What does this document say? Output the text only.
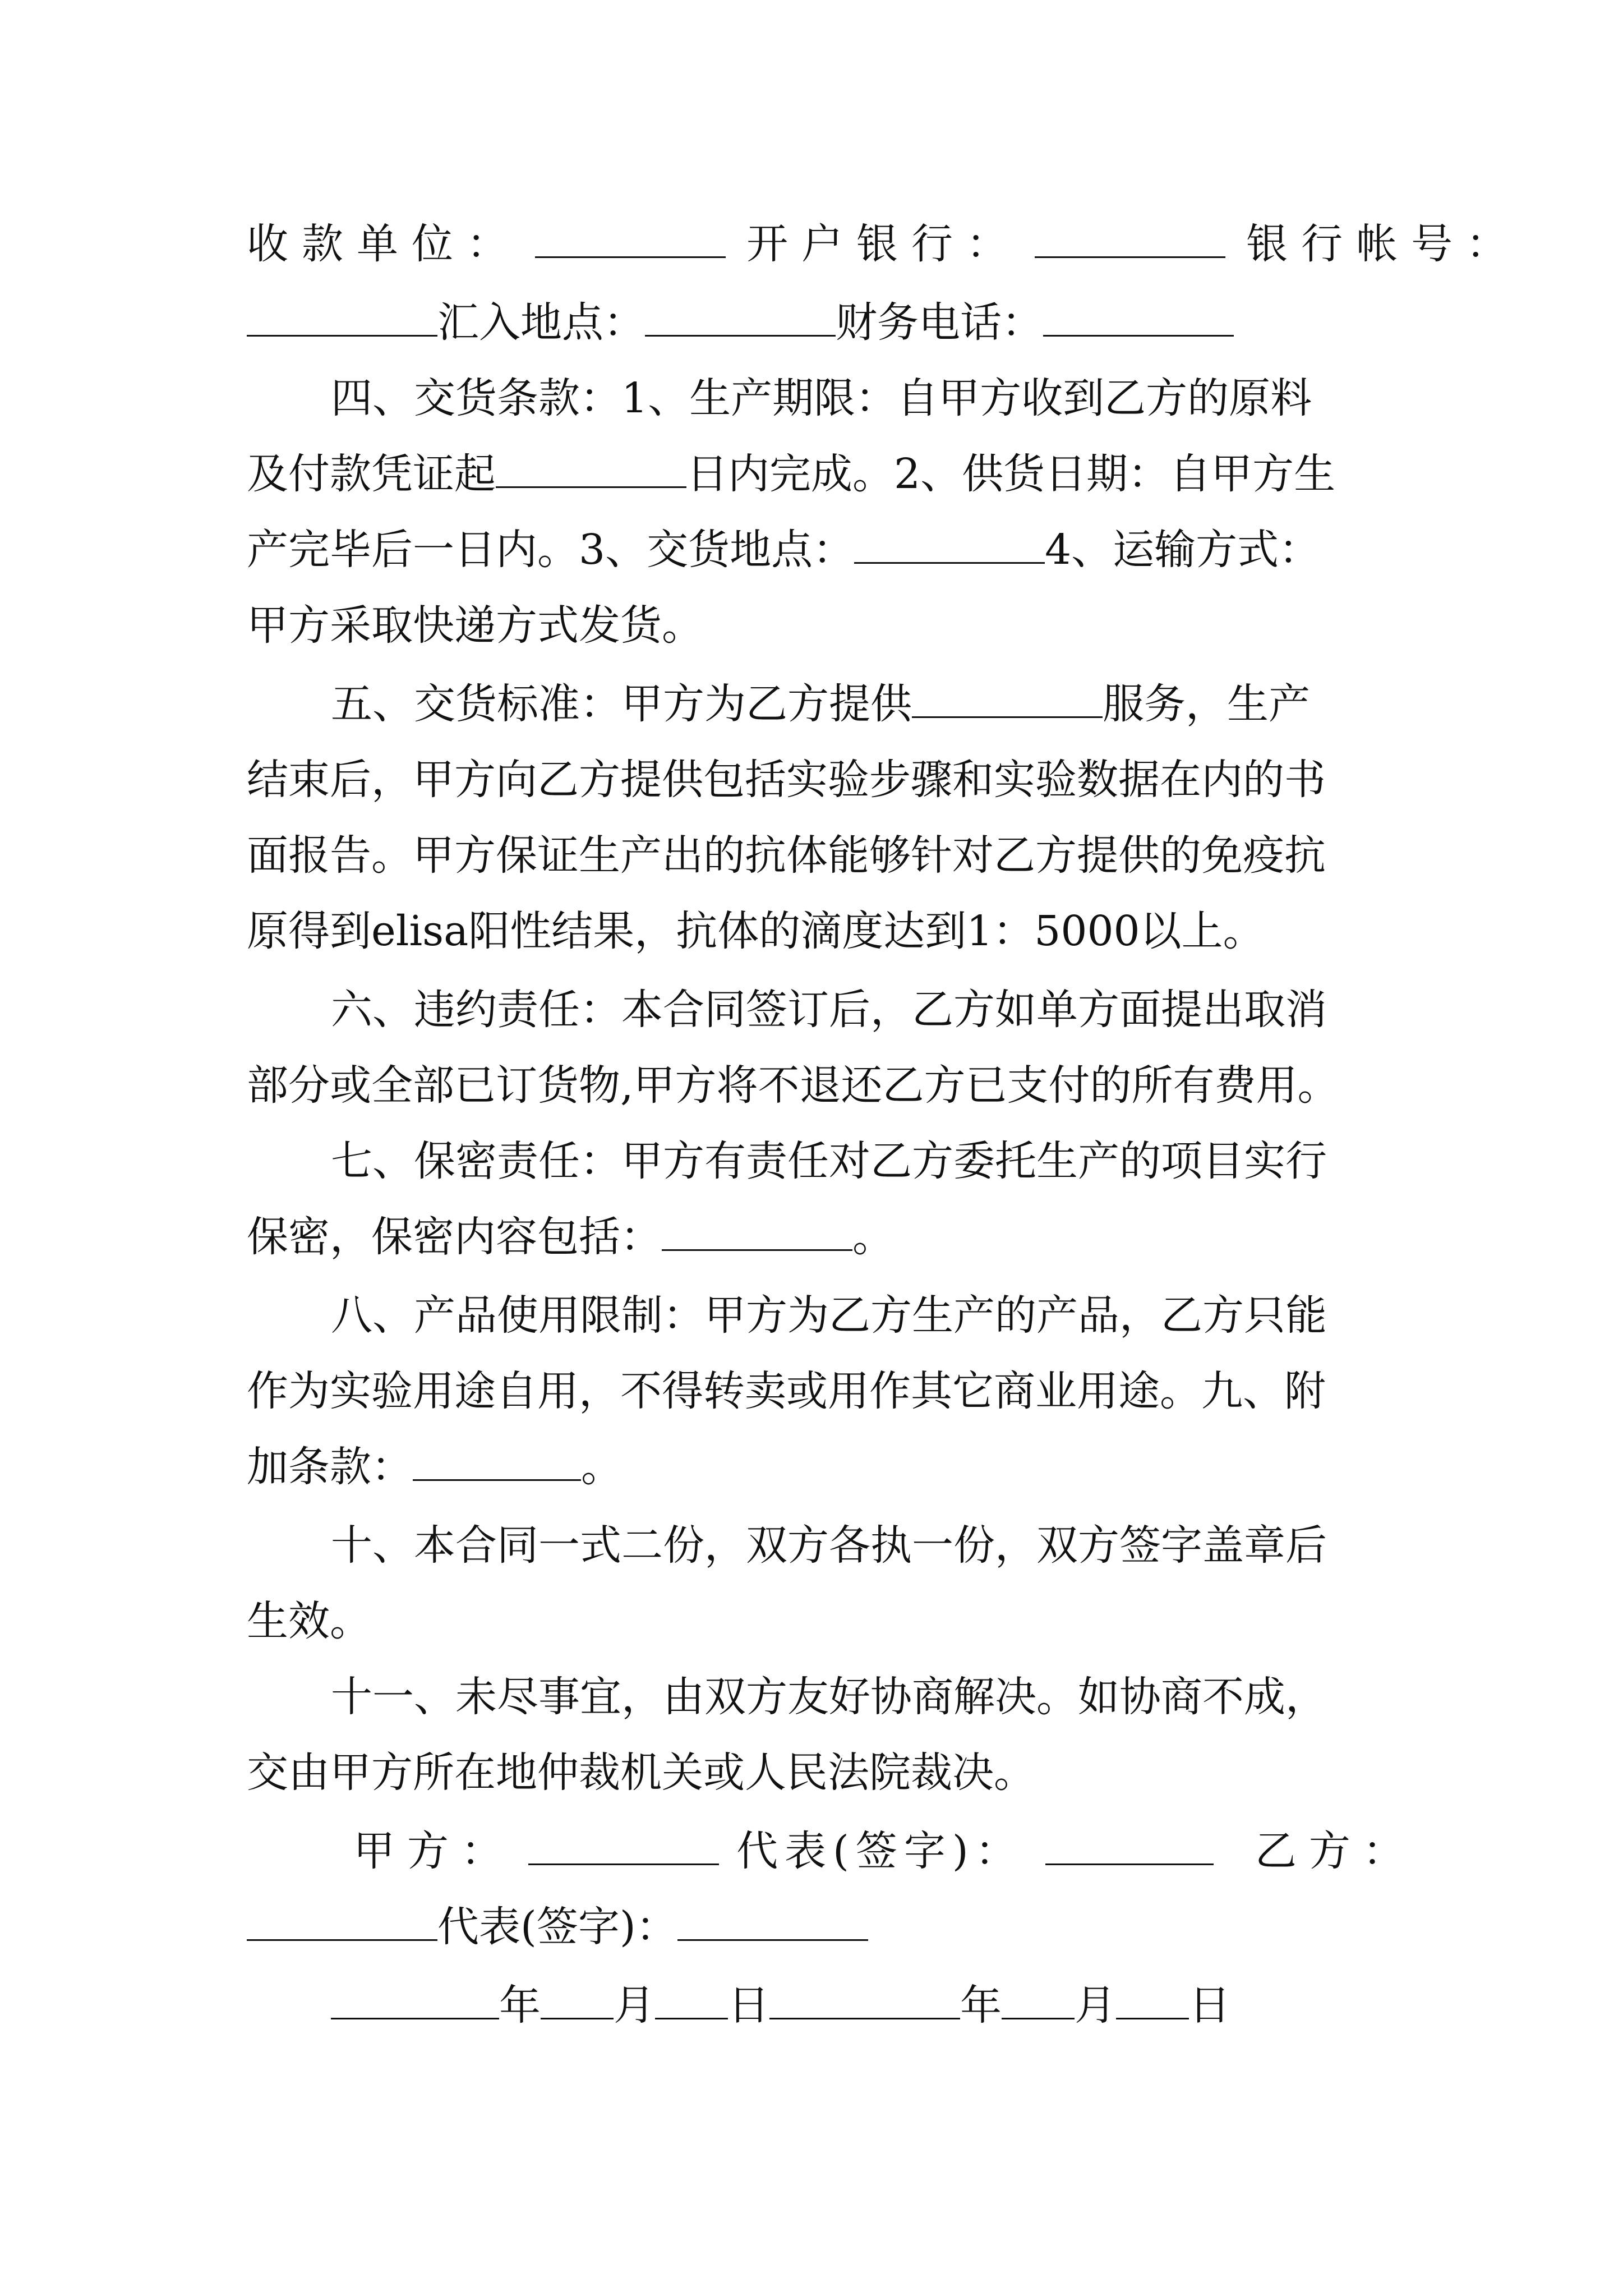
收款单位：	开户银行：	银行帐号：
汇入地点：	财务电话：
四、交货条款：1、生产期限：自甲方收到乙方的原料
及付款凭证起	日内完成。2、供货日期：自甲方生
产完毕后一日内。3、交货地点：	4、运输方式：
甲方采取快递方式发货。
五、交货标准：甲方为乙方提供	服务，生产
结束后，甲方向乙方提供包括实验步骤和实验数据在内的书
面报告。甲方保证生产出的抗体能够针对乙方提供的免疫抗
原得到elisa阳性结果，抗体的滴度达到1：5000以上。
六、违约责任：本合同签订后，乙方如单方面提出取消
部分或全部已订货物,甲方将不退还乙方已支付的所有费用。
七、保密责任：甲方有责任对乙方委托生产的项目实行
保密，保密内容包括：	。
八、产品使用限制：甲方为乙方生产的产品，乙方只能
作为实验用途自用，不得转卖或用作其它商业用途。九、附
加条款：	。
十、本合同一式二份，双方各执一份，双方签字盖章后
生效。
十一、未尽事宜，由双方友好协商解决。如协商不成，
交由甲方所在地仲裁机关或人民法院裁决。
甲方：	代表(签字)：	乙方：
代表(签字)：
年 月 日	年 月 日
